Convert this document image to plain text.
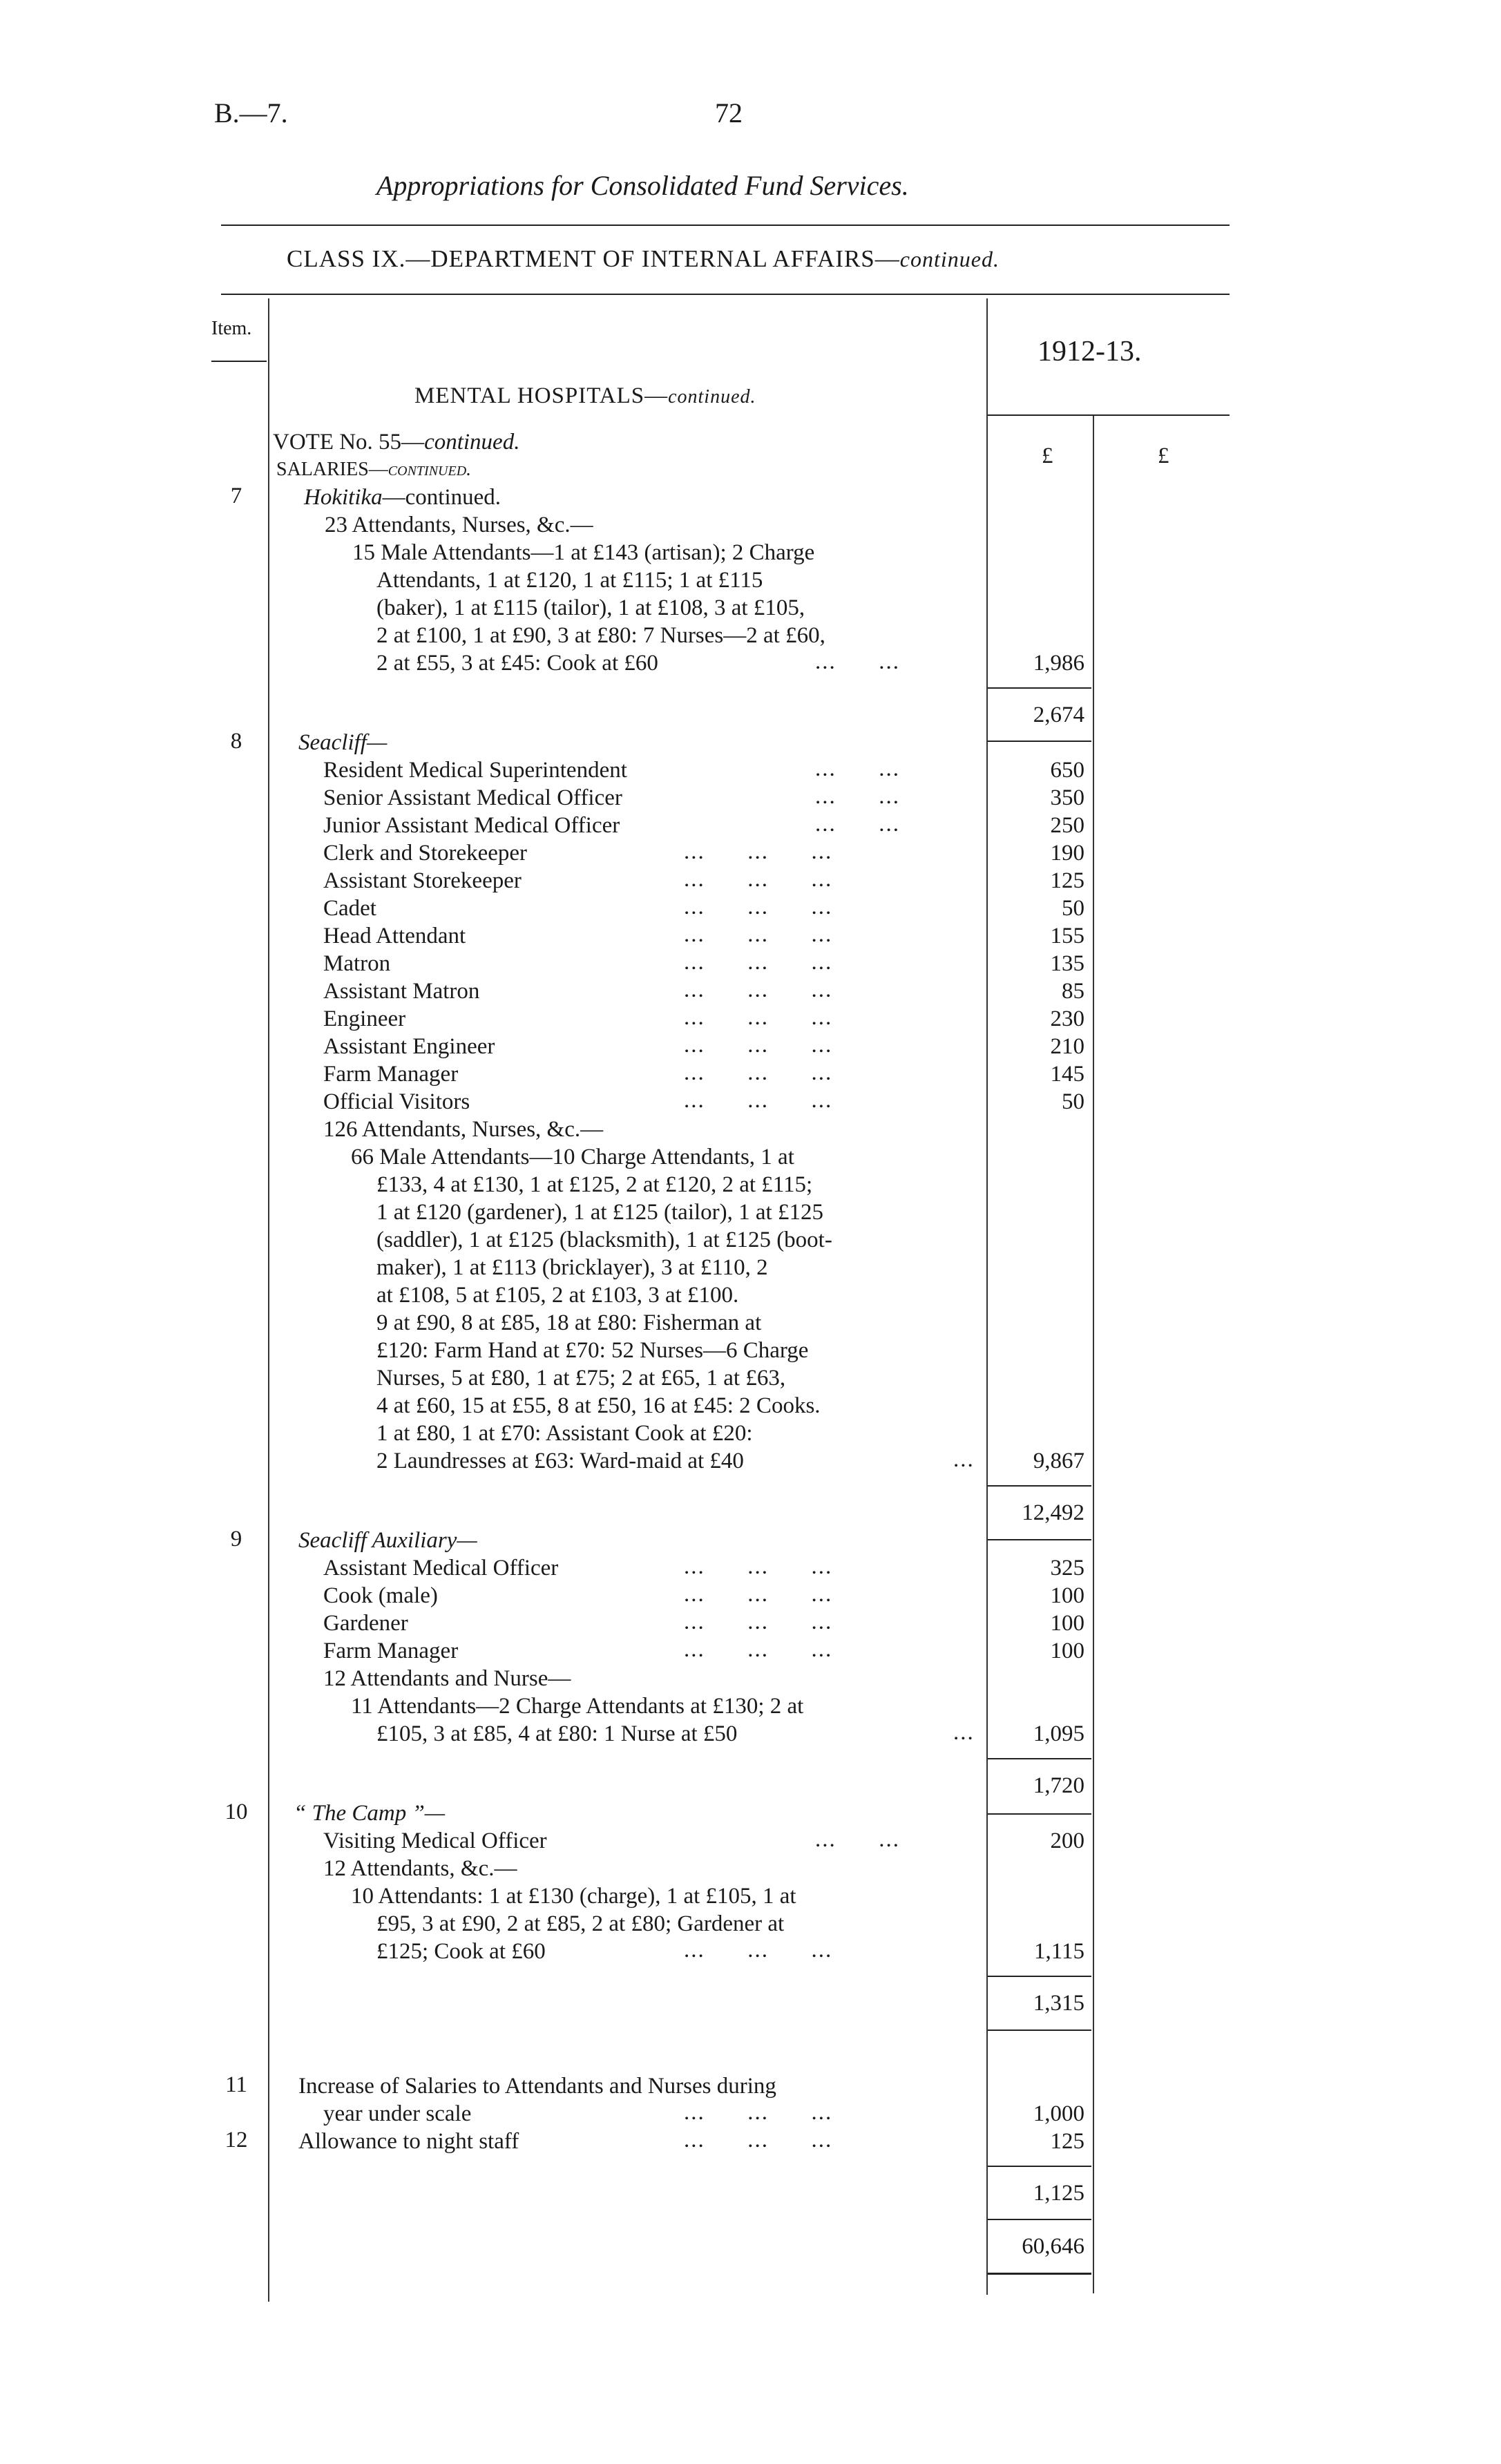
B.—7.	72
Appropriations for Consolidated Fund Services.
CLASS IX.—DEPARTMENT OF INTERNAL AFFAIRS—continued.
Item.
1912-13.
£	£
MENTAL HOSPITALS—continued.
VOTE No. 55—continued.
SALARIES—continued.
7	Hokitika—continued.
23 Attendants, Nurses, &c.—
15 Male Attendants—1 at £143 (artisan); 2 Charge
Attendants, 1 at £120, 1 at £115; 1 at £115
(baker), 1 at £115 (tailor), 1 at £108, 3 at £105,
2 at £100, 1 at £90, 3 at £80: 7 Nurses—2 at £60,
2 at £55, 3 at £45: Cook at £60	...      ...	1,986
2,674
8	Seacliff—
Resident Medical Superintendent	...      ...	650
Senior Assistant Medical Officer	...      ...	350
Junior Assistant Medical Officer	...      ...	250
Clerk and Storekeeper	...      ...      ...	190
Assistant Storekeeper	...      ...      ...	125
Cadet	...      ...      ...	50
Head Attendant	...      ...      ...	155
Matron	...      ...      ...	135
Assistant Matron	...      ...      ...	85
Engineer	...      ...      ...	230
Assistant Engineer	...      ...      ...	210
Farm Manager	...      ...      ...	145
Official Visitors	...      ...      ...	50
126 Attendants, Nurses, &c.—
66 Male Attendants—10 Charge Attendants, 1 at
£133, 4 at £130, 1 at £125, 2 at £120, 2 at £115;
1 at £120 (gardener), 1 at £125 (tailor), 1 at £125
(saddler), 1 at £125 (blacksmith), 1 at £125 (boot-
maker), 1 at £113 (bricklayer), 3 at £110, 2
at £108, 5 at £105, 2 at £103, 3 at £100.
9 at £90, 8 at £85, 18 at £80: Fisherman at
£120: Farm Hand at £70: 52 Nurses—6 Charge
Nurses, 5 at £80, 1 at £75; 2 at £65, 1 at £63,
4 at £60, 15 at £55, 8 at £50, 16 at £45: 2 Cooks.
1 at £80, 1 at £70: Assistant Cook at £20:
2 Laundresses at £63: Ward-maid at £40	...	9,867
12,492
9	Seacliff Auxiliary—
Assistant Medical Officer	...      ...      ...	325
Cook (male)	...      ...      ...	100
Gardener	...      ...      ...	100
Farm Manager	...      ...      ...	100
12 Attendants and Nurse—
11 Attendants—2 Charge Attendants at £130; 2 at
£105, 3 at £85, 4 at £80: 1 Nurse at £50	...	1,095
1,720
10	“ The Camp ”—
Visiting Medical Officer	...      ...	200
12 Attendants, &c.—
10 Attendants: 1 at £130 (charge), 1 at £105, 1 at
£95, 3 at £90, 2 at £85, 2 at £80; Gardener at
£125; Cook at £60	...      ...      ...	1,115
1,315
11	Increase of Salaries to Attendants and Nurses during
year under scale	...      ...      ...	1,000
12	Allowance to night staff	...      ...      ...	125
1,125
60,646
